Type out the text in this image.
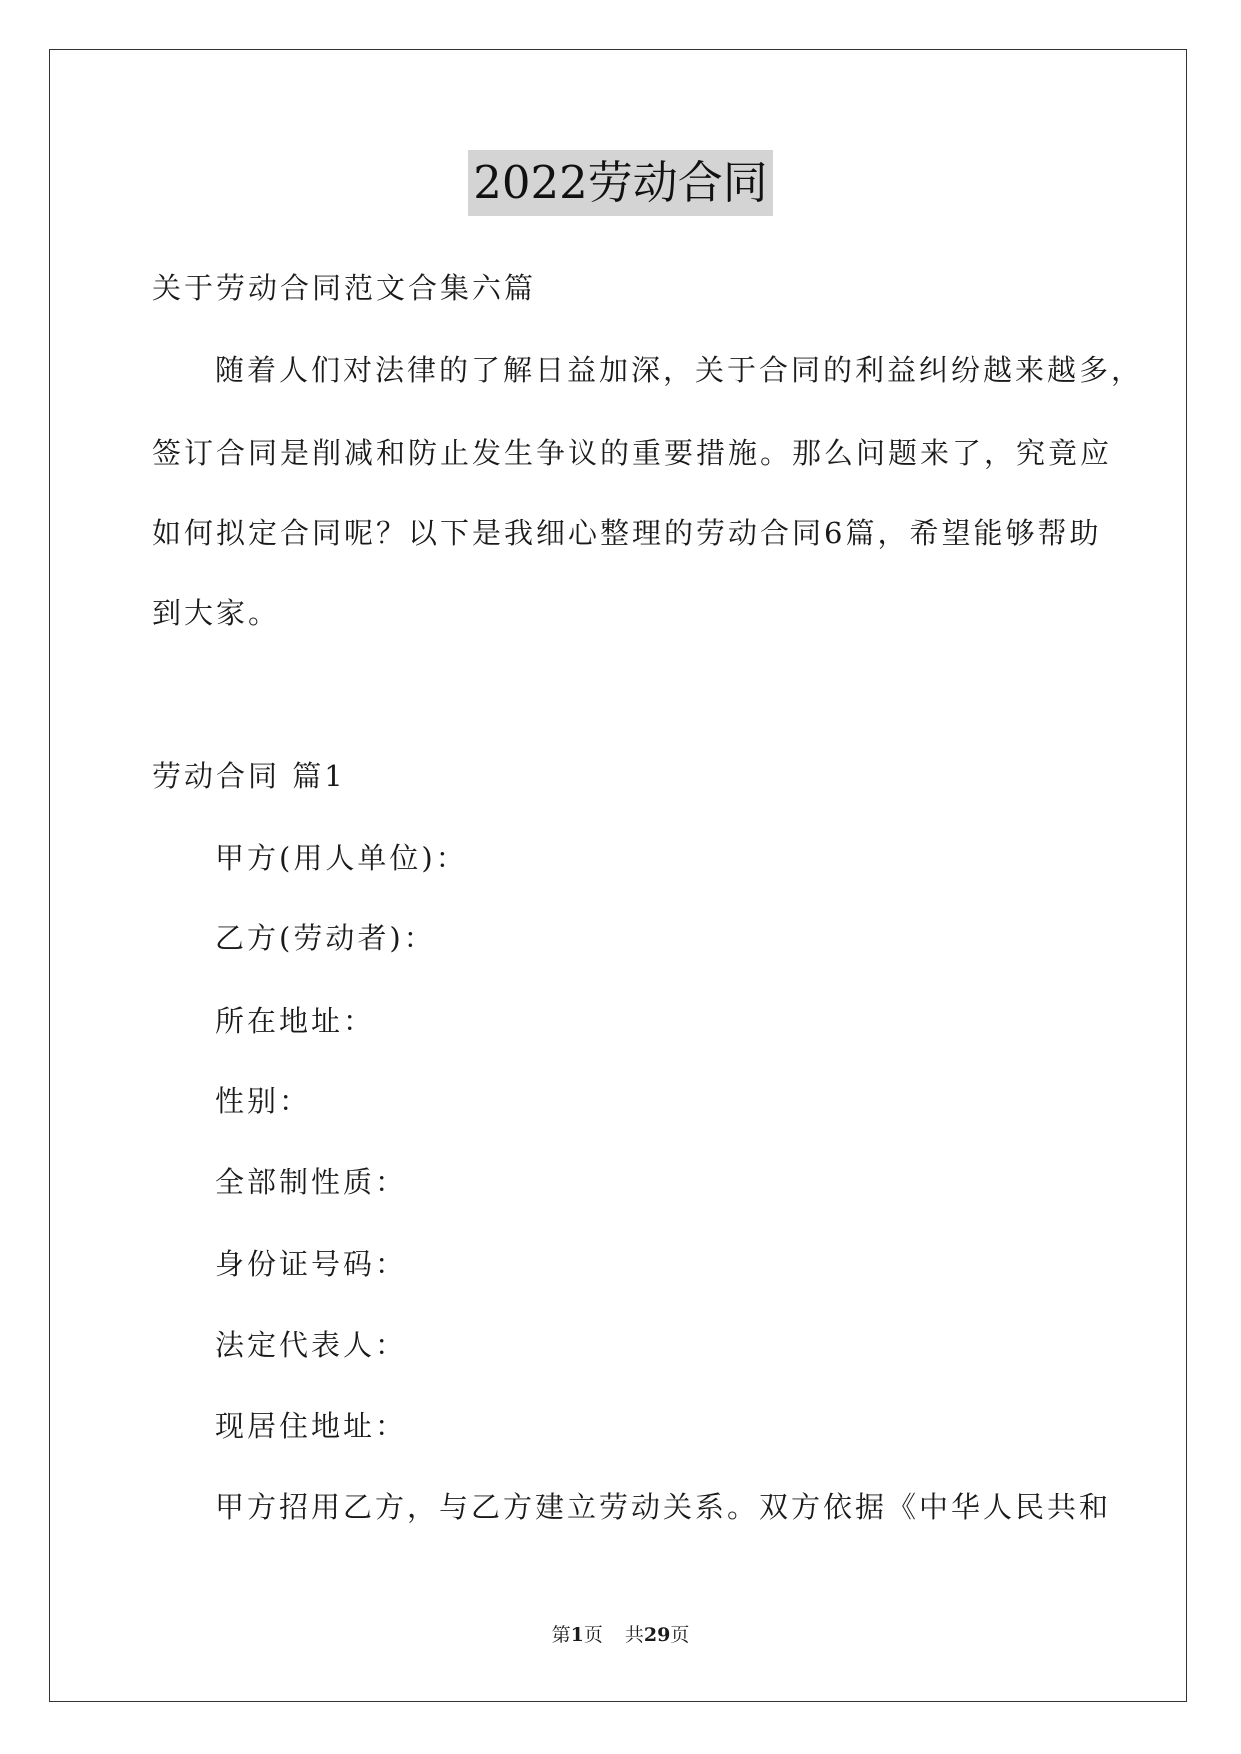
2022劳动合同
关于劳动合同范文合集六篇
随着人们对法律的了解日益加深，关于合同的利益纠纷越来越多，
签订合同是削减和防止发生争议的重要措施。那么问题来了，究竟应
如何拟定合同呢？以下是我细心整理的劳动合同6篇，希望能够帮助
到大家。
劳动合同 篇1
甲方(用人单位)：
乙方(劳动者)：
所在地址：
性别：
全部制性质：
身份证号码：
法定代表人：
现居住地址：
甲方招用乙方，与乙方建立劳动关系。双方依据《中华人民共和
第1页 共29页
